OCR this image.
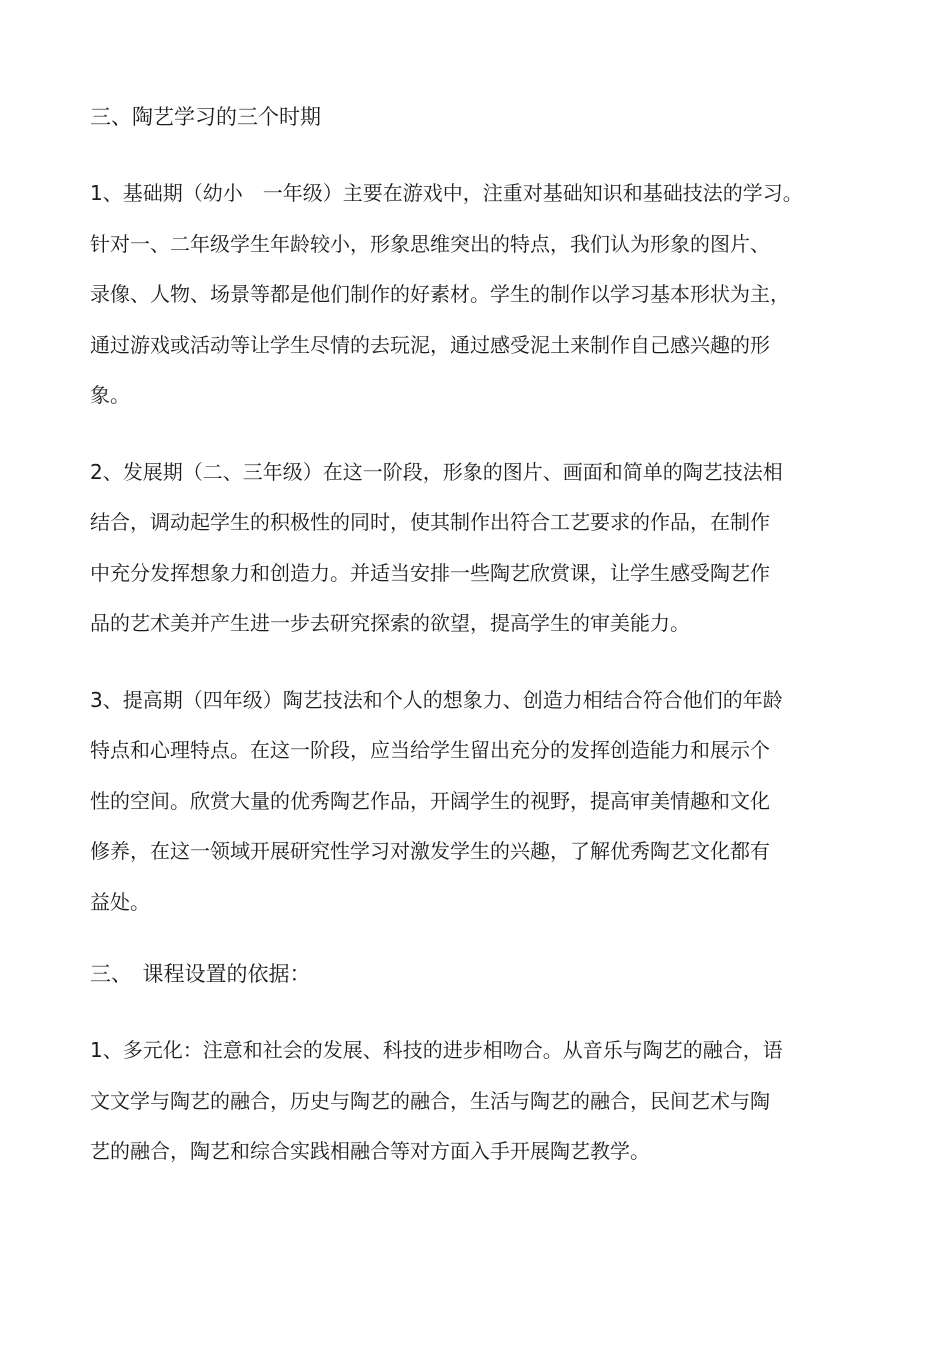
三、陶艺学习的三个时期
1、基础期（幼小　一年级）主要在游戏中，注重对基础知识和基础技法的学习。
针对一、二年级学生年龄较小，形象思维突出的特点，我们认为形象的图片、
录像、人物、场景等都是他们制作的好素材。学生的制作以学习基本形状为主，
通过游戏或活动等让学生尽情的去玩泥，通过感受泥土来制作自己感兴趣的形
象。
2、发展期（二、三年级）在这一阶段，形象的图片、画面和简单的陶艺技法相
结合，调动起学生的积极性的同时，使其制作出符合工艺要求的作品，在制作
中充分发挥想象力和创造力。并适当安排一些陶艺欣赏课，让学生感受陶艺作
品的艺术美并产生进一步去研究探索的欲望，提高学生的审美能力。
3、提高期（四年级）陶艺技法和个人的想象力、创造力相结合符合他们的年龄
特点和心理特点。在这一阶段，应当给学生留出充分的发挥创造能力和展示个
性的空间。欣赏大量的优秀陶艺作品，开阔学生的视野，提高审美情趣和文化
修养，在这一领域开展研究性学习对激发学生的兴趣，了解优秀陶艺文化都有
益处。
三、　课程设置的依据：
1、多元化：注意和社会的发展、科技的进步相吻合。从音乐与陶艺的融合，语
文文学与陶艺的融合，历史与陶艺的融合，生活与陶艺的融合，民间艺术与陶
艺的融合，陶艺和综合实践相融合等对方面入手开展陶艺教学。
